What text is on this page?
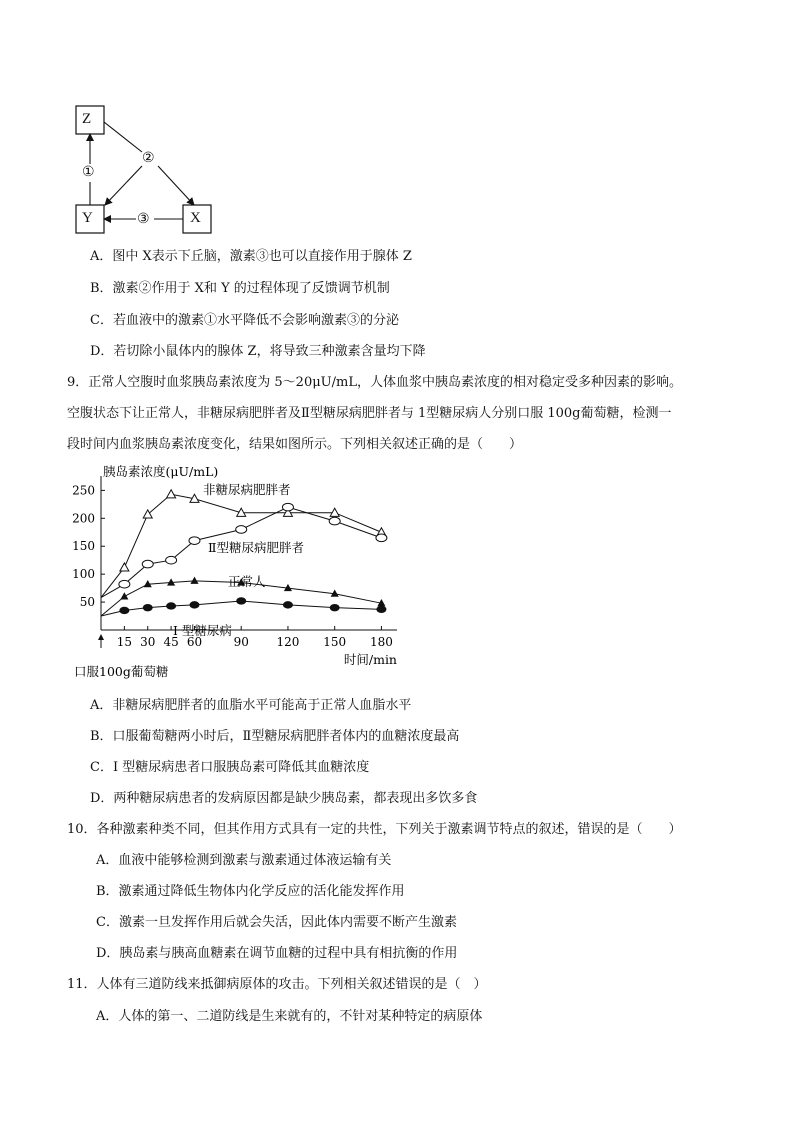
Z
Y	X
②
①
③
A．图中 X表示下丘脑，激素③也可以直接作用于腺体 Z
B．激素②作用于 X和 Y 的过程体现了反馈调节机制
C．若血液中的激素①水平降低不会影响激素③的分泌
D．若切除小鼠体内的腺体 Z，将导致三种激素含量均下降
9．正常人空腹时血浆胰岛素浓度为 5～20μU/mL，人体血浆中胰岛素浓度的相对稳定受多种因素的影响。
空腹状态下让正常人，非糖尿病肥胖者及Ⅱ型糖尿病肥胖者与 1型糖尿病人分别口服 100g葡萄糖，检测一
段时间内血浆胰岛素浓度变化，结果如图所示。下列相关叙述正确的是（　　）
50
100
150
200
250
15 30 45 60	90 120 150 180
胰岛素浓度(μU/mL)
时间/min
口服100g葡萄糖
非糖尿病肥胖者
Ⅱ型糖尿病肥胖者
正常人
I 型糖尿病
A．非糖尿病肥胖者的血脂水平可能高于正常人血脂水平
B．口服葡萄糖两小时后，Ⅱ型糖尿病肥胖者体内的血糖浓度最高
C．I 型糖尿病患者口服胰岛素可降低其血糖浓度
D．两种糖尿病患者的发病原因都是缺少胰岛素，都表现出多饮多食
10．各种激素种类不同，但其作用方式具有一定的共性，下列关于激素调节特点的叙述，错误的是（　　）
A．血液中能够检测到激素与激素通过体液运输有关
B．激素通过降低生物体内化学反应的活化能发挥作用
C．激素一旦发挥作用后就会失活，因此体内需要不断产生激素
D．胰岛素与胰高血糖素在调节血糖的过程中具有相抗衡的作用
11．人体有三道防线来抵御病原体的攻击。下列相关叙述错误的是（　）
A．人体的第一、二道防线是生来就有的，不针对某种特定的病原体
